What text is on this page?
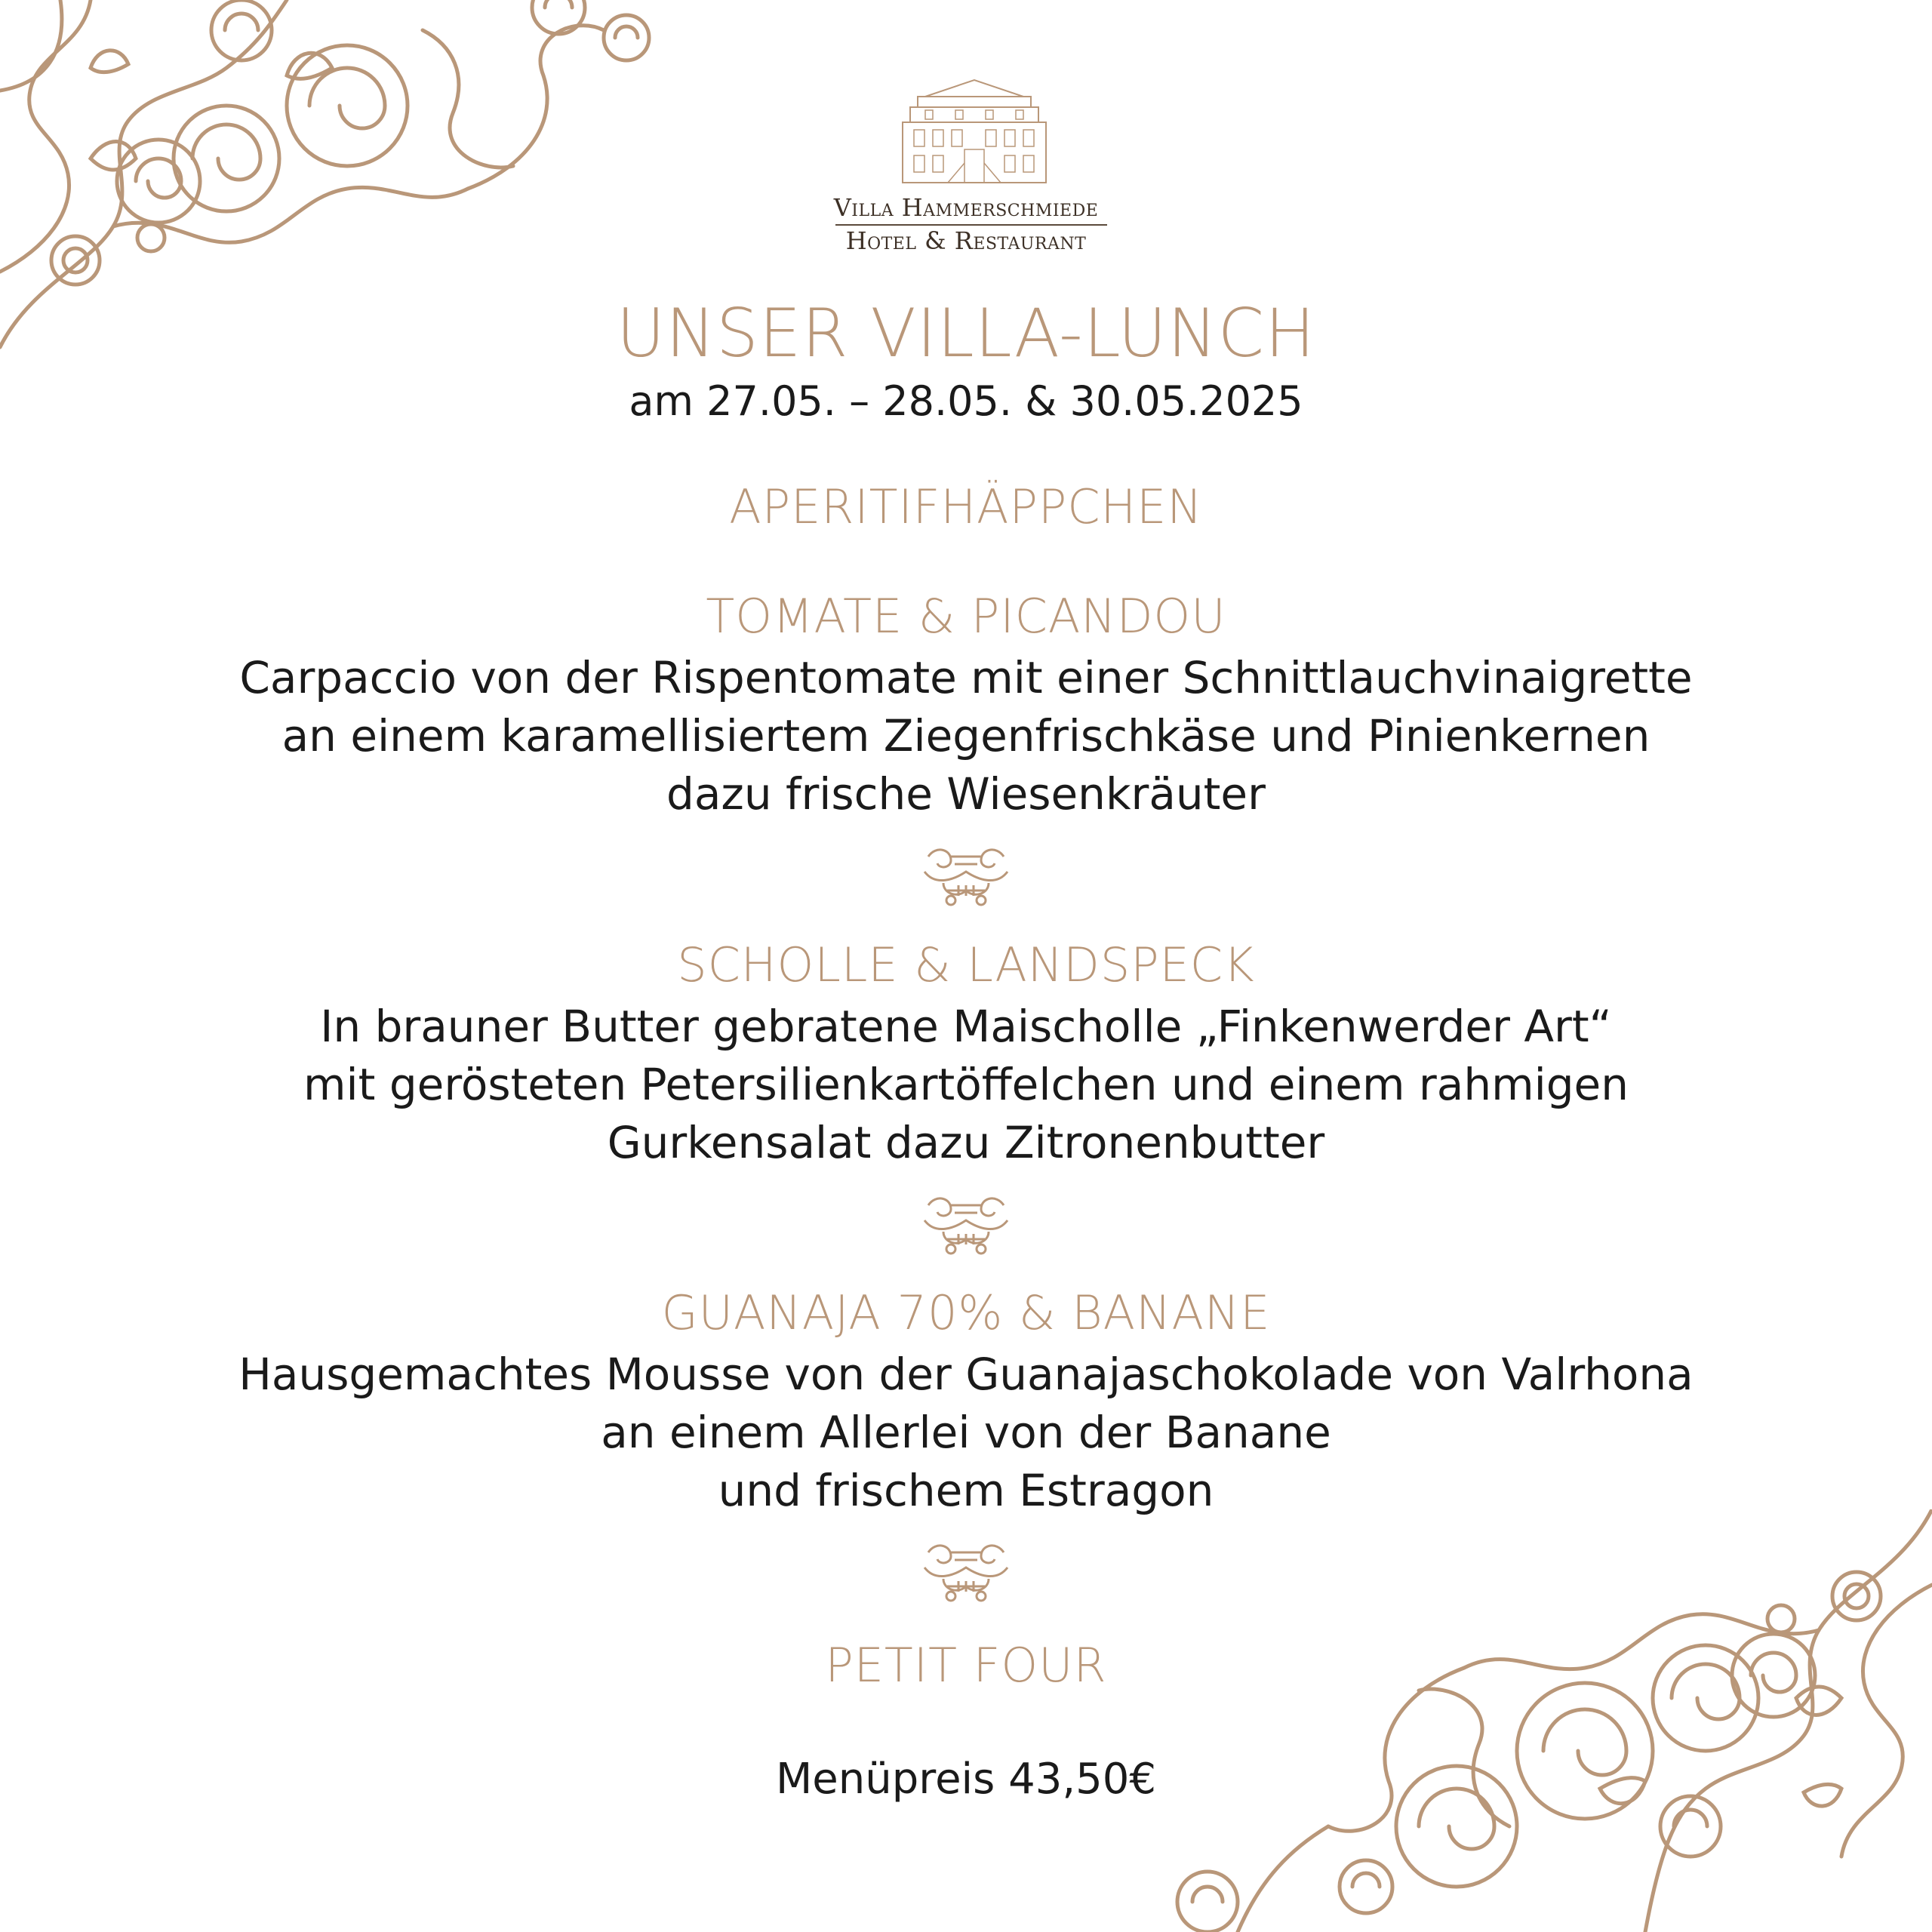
Villa Hammerschmiede
Hotel & Restaurant
UNSER VILLA-LUNCH
am 27.05. – 28.05. & 30.05.2025
APERITIFHÄPPCHEN
TOMATE & PICANDOU
Carpaccio von der Rispentomate mit einer Schnittlauchvinaigrette
an einem karamellisiertem Ziegenfrischkäse und Pinienkernen
dazu frische Wiesenkräuter
SCHOLLE & LANDSPECK
In brauner Butter gebratene Maischolle „Finkenwerder Art“
mit gerösteten Petersilienkartöffelchen und einem rahmigen
Gurkensalat dazu Zitronenbutter
GUANAJA 70% & BANANE
Hausgemachtes Mousse von der Guanajaschokolade von Valrhona
an einem Allerlei von der Banane
und frischem Estragon
PETIT FOUR
Menüpreis 43,50€
